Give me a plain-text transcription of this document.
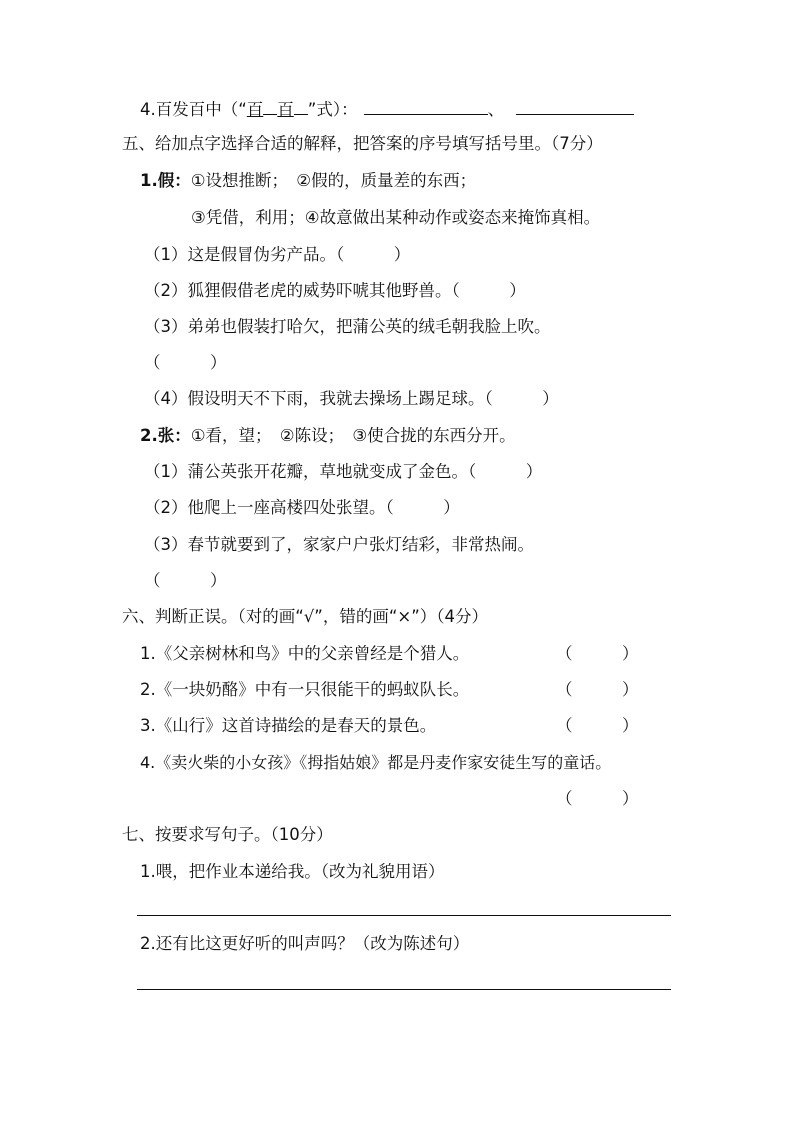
4.百发百中（“百 百 ”式）：	、
五、给加点字选择合适的解释，把答案的序号填写括号里。（7分）
1.假：①设想推断；　②假的，质量差的东西；
③凭借，利用；④故意做出某种动作或姿态来掩饰真相。
（1）这是假冒伪劣产品。（　　　）
（2）狐狸假借老虎的威势吓唬其他野兽。（　　　）
（3）弟弟也假装打哈欠，把蒲公英的绒毛朝我脸上吹。
（　　　）
（4）假设明天不下雨，我就去操场上踢足球。（　　　）
2.张：①看，望；　②陈设；　③使合拢的东西分开。
（1）蒲公英张开花瓣，草地就变成了金色。（　　　）
（2）他爬上一座高楼四处张望。（　　　）
（3）春节就要到了，家家户户张灯结彩，非常热闹。
（　　　）
六、判断正误。（对的画“√”，错的画“×”）（4分）
1.《父亲树林和鸟》中的父亲曾经是个猎人。	（　　　）
2.《一块奶酪》中有一只很能干的蚂蚁队长。	（　　　）
3.《山行》这首诗描绘的是春天的景色。	（　　　）
4.《卖火柴的小女孩》《拇指姑娘》都是丹麦作家安徒生写的童话。
（　　　）
七、按要求写句子。（10分）
1.喂，把作业本递给我。（改为礼貌用语）
2.还有比这更好听的叫声吗？（改为陈述句）
